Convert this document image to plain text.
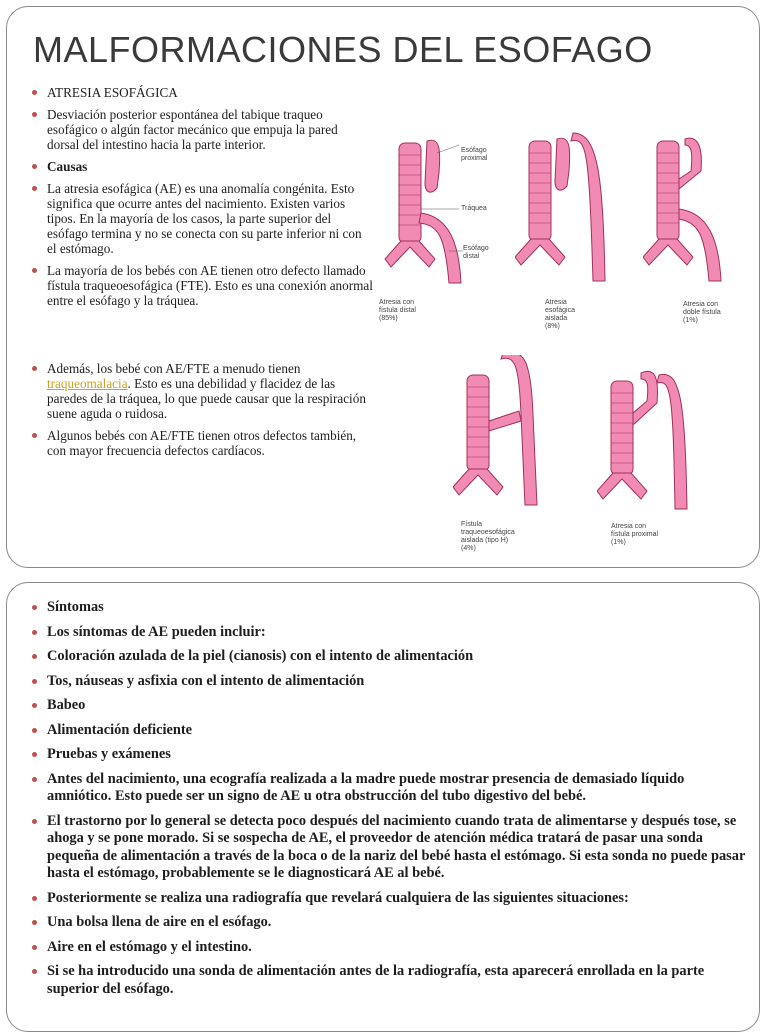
MALFORMACIONES DEL ESOFAGO
ATRESIA ESOFÁGICA
Desviación posterior espontánea del tabique traqueo esofágico o algún factor mecánico que empuja la pared dorsal del intestino hacia la parte interior.
Causas
La atresia esofágica (AE) es una anomalía congénita. Esto significa que ocurre antes del nacimiento. Existen varios tipos. En la mayoría de los casos, la parte superior del esófago termina y no se conecta con su parte inferior ni con el estómago.
La mayoría de los bebés con AE tienen otro defecto llamado fístula traqueoesofágica (FTE). Esto es una conexión anormal entre el esófago y la tráquea.
Además, los bebé con AE/FTE a menudo tienen traqueomalacia. Esto es una debilidad y flacidez de las paredes de la tráquea, lo que puede causar que la respiración suene aguda o ruidosa.
Algunos bebés con AE/FTE tienen otros defectos también, con mayor frecuencia defectos cardíacos.
Esófago proximal
Tráquea
Esófago distal
Atresia con
fístula distal
(85%)
Atresia
esofágica
aislada
(8%)
Atresia con
doble fístula
(1%)
Fístula
traqueoesofágica
aislada (tipo H)
(4%)
Atresia con
fístula proximal
(1%)
Síntomas
Los síntomas de AE pueden incluir:
Coloración azulada de la piel (cianosis) con el intento de alimentación
Tos, náuseas y asfixia con el intento de alimentación
Babeo
Alimentación deficiente
Pruebas y exámenes
Antes del nacimiento, una ecografía realizada a la madre puede mostrar presencia de demasiado líquido amniótico. Esto puede ser un signo de AE u otra obstrucción del tubo digestivo del bebé.
El trastorno por lo general se detecta poco después del nacimiento cuando trata de alimentarse y después tose, se ahoga y se pone morado. Si se sospecha de AE, el proveedor de atención médica tratará de pasar una sonda pequeña de alimentación a través de la boca o de la nariz del bebé hasta el estómago. Si esta sonda no puede pasar hasta el estómago, probablemente se le diagnosticará AE al bebé.
Posteriormente se realiza una radiografía que revelará cualquiera de las siguientes situaciones:
Una bolsa llena de aire en el esófago.
Aire en el estómago y el intestino.
Si se ha introducido una sonda de alimentación antes de la radiografía, esta aparecerá enrollada en la parte superior del esófago.
